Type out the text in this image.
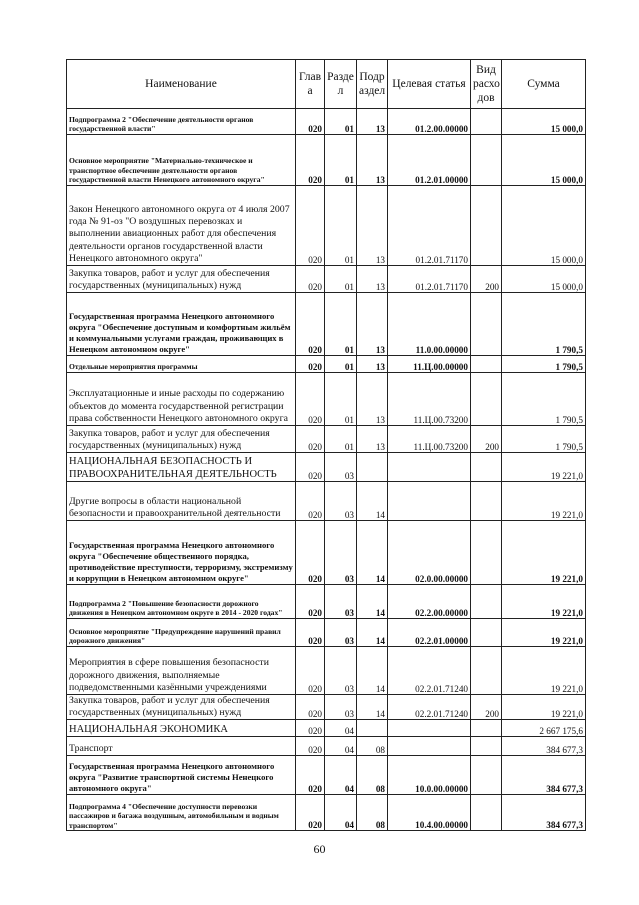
Наименование	Глав а	Разде л	Подр аздел	Целевая статья	Вид расхо дов	Сумма
Подпрограмма 2 "Обеспечение деятельности органов государственной власти"	020	01	13	01.2.00.00000		15 000,0
Основное мероприятие "Материально-техническое и транспортное обеспечение деятельности органов государственной власти Ненецкого автономного округа"	020	01	13	01.2.01.00000		15 000,0
Закон Ненецкого автономного округа от 4 июля 2007 года № 91-оз "О воздушных перевозках и выполнении авиационных работ для обеспечения деятельности органов государственной власти Ненецкого автономного округа"	020	01	13	01.2.01.71170		15 000,0
Закупка товаров, работ и услуг для обеспечения государственных (муниципальных) нужд	020	01	13	01.2.01.71170	200	15 000,0
Государственная программа Ненецкого автономного округа "Обеспечение доступным и комфортным жильём и коммунальными услугами граждан, проживающих в Ненецком автономном округе"	020	01	13	11.0.00.00000		1 790,5
Отдельные мероприятия программы	020	01	13	11.Ц.00.00000		1 790,5
Эксплуатационные и иные расходы по содержанию объектов до момента государственной регистрации права собственности Ненецкого автономного округа	020	01	13	11.Ц.00.73200		1 790,5
Закупка товаров, работ и услуг для обеспечения государственных (муниципальных) нужд	020	01	13	11.Ц.00.73200	200	1 790,5
НАЦИОНАЛЬНАЯ БЕЗОПАСНОСТЬ И ПРАВООХРАНИТЕЛЬНАЯ ДЕЯТЕЛЬНОСТЬ	020	03				19 221,0
Другие вопросы в области национальной безопасности и правоохранительной деятельности	020	03	14			19 221,0
Государственная программа Ненецкого автономного округа "Обеспечение общественного порядка, противодействие преступности, терроризму, экстремизму и коррупции в Ненецком автономном округе"	020	03	14	02.0.00.00000		19 221,0
Подпрограмма 2 "Повышение безопасности дорожного движения в Ненецком автономном округе в 2014 - 2020 годах"	020	03	14	02.2.00.00000		19 221,0
Основное мероприятие "Предупреждение нарушений правил дорожного движения"	020	03	14	02.2.01.00000		19 221,0
Мероприятия в сфере повышения безопасности дорожного движения, выполняемые подведомственными казёнными учреждениями	020	03	14	02.2.01.71240		19 221,0
Закупка товаров, работ и услуг для обеспечения государственных (муниципальных) нужд	020	03	14	02.2.01.71240	200	19 221,0
НАЦИОНАЛЬНАЯ ЭКОНОМИКА	020	04				2 667 175,6
Транспорт	020	04	08			384 677,3
Государственная программа Ненецкого автономного округа "Развитие транспортной системы Ненецкого автономного округа"	020	04	08	10.0.00.00000		384 677,3
Подпрограмма 4 "Обеспечение доступности перевозки пассажиров и багажа воздушным, автомобильным и водным транспортом"	020	04	08	10.4.00.00000		384 677,3
60
